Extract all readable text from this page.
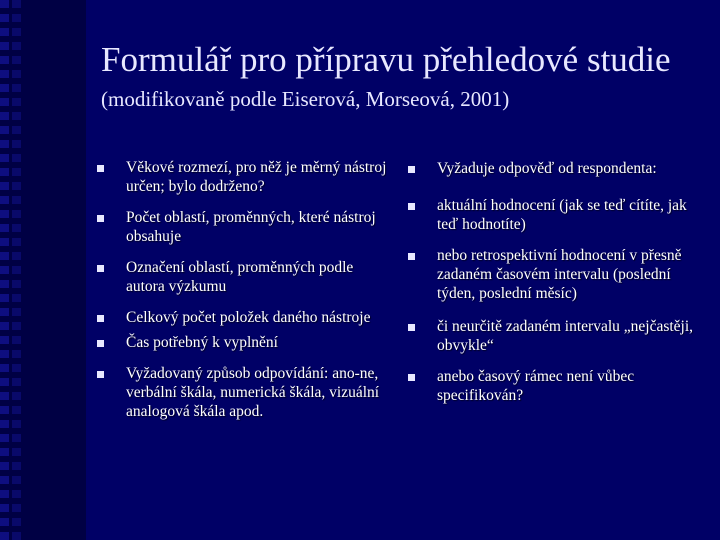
Formulář pro přípravu přehledové studie
(modifikovaně podle Eiserová, Morseová, 2001)
Věkové rozmezí, pro něž je měrný nástroj určen; bylo dodrženo?
Počet oblastí, proměnných, které nástroj obsahuje
Označení oblastí, proměnných podle autora výzkumu
Celkový počet položek daného nástroje
Čas potřebný k vyplnění
Vyžadovaný způsob odpovídání: ano-ne, verbální škála, numerická škála, vizuální analogová škála apod.
Vyžaduje odpověď od respondenta:
aktuální hodnocení (jak se teď cítíte, jak teď hodnotíte)
nebo retrospektivní hodnocení v přesně zadaném časovém intervalu (poslední týden, poslední měsíc)
či neurčitě zadaném intervalu „nejčastěji, obvykle“
anebo časový rámec není vůbec specifikován?
